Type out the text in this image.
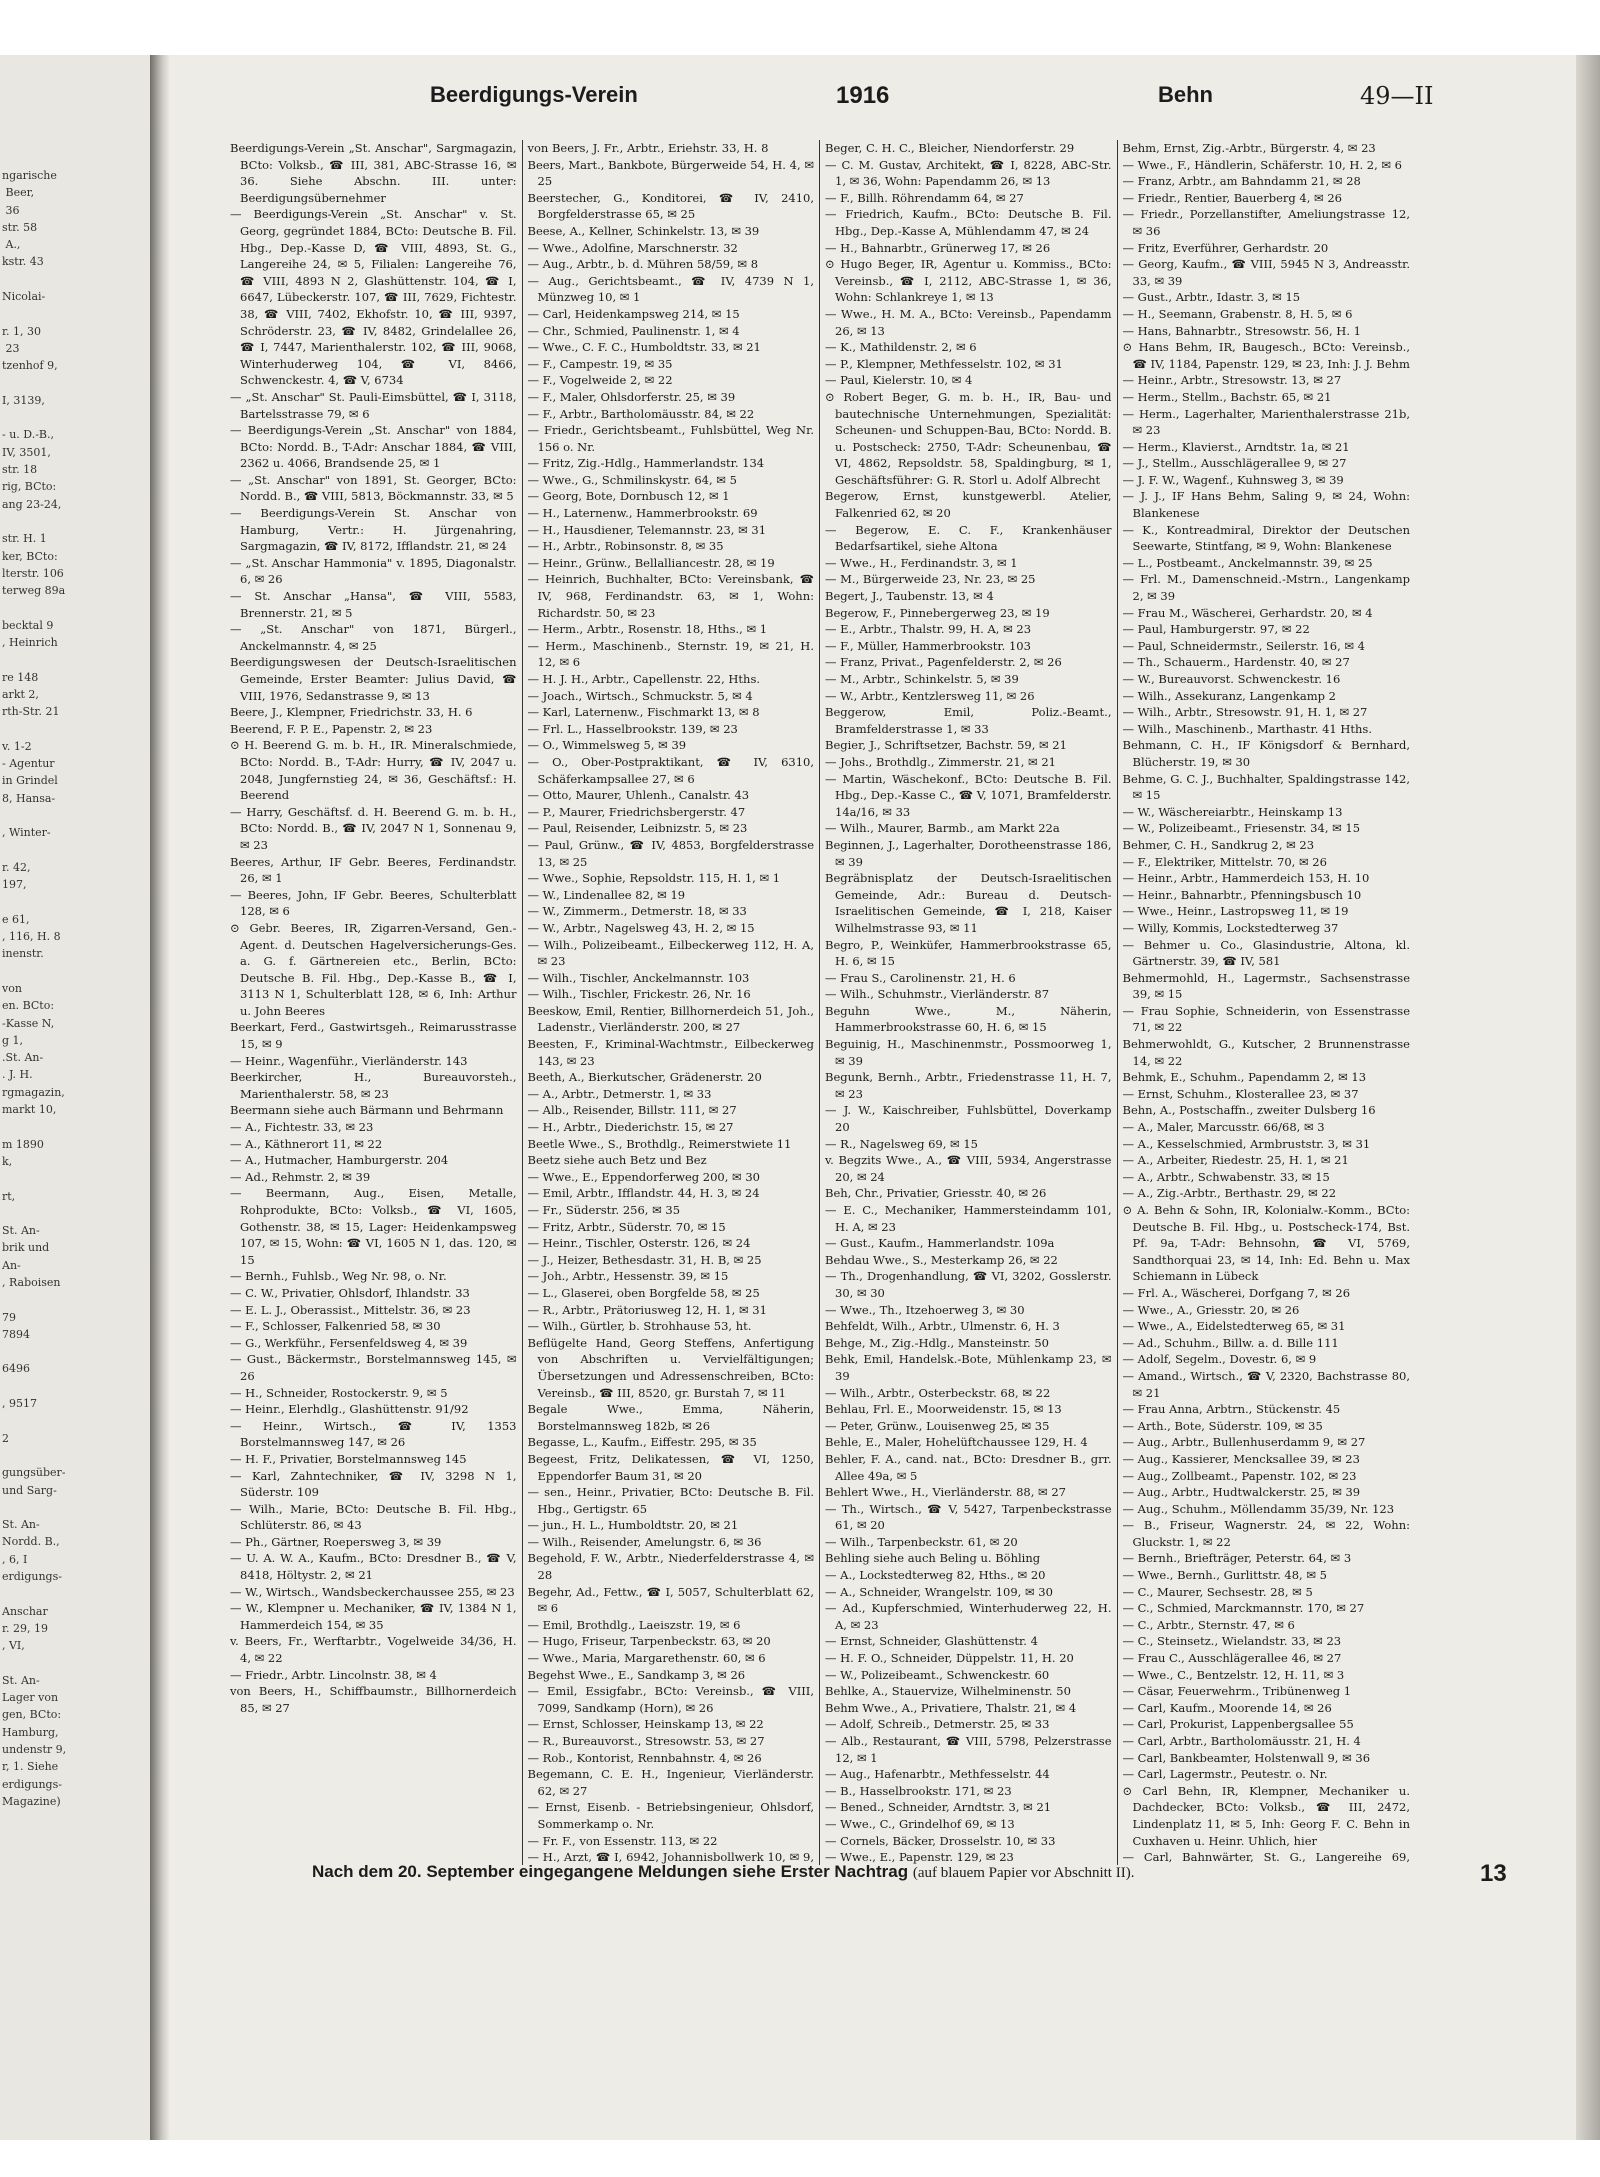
ngarische
Beer,
36
str. 58
A.,
kstr. 43

Nicolai-

r. 1, 30
23
tzenhof 9,

I, 3139,

- u. D.-B.,
IV, 3501,
str. 18
rig, BCto:
ang 23-24,

str. H. 1
ker, BCto:
lterstr. 106
terweg 89a

becktal 9
, Heinrich

re 148
arkt 2,
rth-Str. 21

v. 1-2
- Agentur
in Grindel
8, Hansa-

, Winter-

r. 42,
197,

e 61,
, 116, H. 8
inenstr.

von
en. BCto:
-Kasse N,
g 1,
.St. An-
. J. H.
rgmagazin,
markt 10,

m 1890
k,

rt,

St. An-
brik und
An-
, Raboisen

79
7894

6496

, 9517

2

gungsüber-
und Sarg-

St. An-
Nordd. B.,
, 6, I
erdigungs-

Anschar
r. 29, 19
, VI,

St. An-
Lager von
gen, BCto:
Hamburg,
undenstr 9,
r, 1. Siehe
erdigungs-
Magazine)
Beerdigungs-Verein	1916	Behn	49—II

Beerdigungs-Verein „St. Anschar", Sargmagazin, BCto: Volksb., ☎ III, 381, ABC-Strasse 16, ✉ 36. Siehe Abschn. III. unter: Beerdigungsübernehmer

— Beerdigungs-Verein „St. Anschar" v. St. Georg, gegründet 1884, BCto: Deutsche B. Fil. Hbg., Dep.-Kasse D, ☎ VIII, 4893, St. G., Langereihe 24, ✉ 5, Filialen: Langereihe 76, ☎ VIII, 4893 N 2, Glashüttenstr. 104, ☎ I, 6647, Lübeckerstr. 107, ☎ III, 7629, Fichtestr. 38, ☎ VIII, 7402, Ekhofstr. 10, ☎ III, 9397, Schröderstr. 23, ☎ IV, 8482, Grindelallee 26, ☎ I, 7447, Marienthalerstr. 102, ☎ III, 9068, Winterhuderweg 104, ☎ VI, 8466, Schwenckestr. 4, ☎ V, 6734

— „St. Anschar" St. Pauli-Eimsbüttel, ☎ I, 3118, Bartelsstrasse 79, ✉ 6

— Beerdigungs-Verein „St. Anschar" von 1884, BCto: Nordd. B., T-Adr: Anschar 1884, ☎ VIII, 2362 u. 4066, Brandsende 25, ✉ 1

— „St. Anschar" von 1891, St. Georger, BCto: Nordd. B., ☎ VIII, 5813, Böckmannstr. 33, ✉ 5

— Beerdigungs-Verein St. Anschar von Hamburg, Vertr.: H. Jürgenahring, Sargmagazin, ☎ IV, 8172, Ifflandstr. 21, ✉ 24

— „St. Anschar Hammonia" v. 1895, Diagonalstr. 6, ✉ 26

— St. Anschar „Hansa", ☎ VIII, 5583, Brennerstr. 21, ✉ 5

— „St. Anschar" von 1871, Bürgerl., Anckelmannstr. 4, ✉ 25

Beerdigungswesen der Deutsch-Israelitischen Gemeinde, Erster Beamter: Julius David, ☎ VIII, 1976, Sedanstrasse 9, ✉ 13

Beere, J., Klempner, Friedrichstr. 33, H. 6

Beerend, F. P. E., Papenstr. 2, ✉ 23

⊙ H. Beerend G. m. b. H., IR. Mineralschmiede, BCto: Nordd. B., T-Adr: Hurry, ☎ IV, 2047 u. 2048, Jungfernstieg 24, ✉ 36, Geschäftsf.: H. Beerend

— Harry, Geschäftsf. d. H. Beerend G. m. b. H., BCto: Nordd. B., ☎ IV, 2047 N 1, Sonnenau 9, ✉ 23

Beeres, Arthur, IF Gebr. Beeres, Ferdinandstr. 26, ✉ 1

— Beeres, John, IF Gebr. Beeres, Schulterblatt 128, ✉ 6

⊙ Gebr. Beeres, IR, Zigarren-Versand, Gen.-Agent. d. Deutschen Hagelversicherungs-Ges. a. G. f. Gärtnereien etc., Berlin, BCto: Deutsche B. Fil. Hbg., Dep.-Kasse B., ☎ I, 3113 N 1, Schulterblatt 128, ✉ 6, Inh: Arthur u. John Beeres

Beerkart, Ferd., Gastwirtsgeh., Reimarusstrasse 15, ✉ 9

— Heinr., Wagenführ., Vierländerstr. 143

Beerkircher, H., Bureauvorsteh., Marienthalerstr. 58, ✉ 23

Beermann siehe auch Bärmann und Behrmann

— A., Fichtestr. 33, ✉ 23

— A., Käthnerort 11, ✉ 22

— A., Hutmacher, Hamburgerstr. 204

— Ad., Rehmstr. 2, ✉ 39

— Beermann, Aug., Eisen, Metalle, Rohprodukte, BCto: Volksb., ☎ VI, 1605, Gothenstr. 38, ✉ 15, Lager: Heidenkampsweg 107, ✉ 15, Wohn: ☎ VI, 1605 N 1, das. 120, ✉ 15

— Bernh., Fuhlsb., Weg Nr. 98, o. Nr.

— C. W., Privatier, Ohlsdorf, Ihlandstr. 33

— E. L. J., Oberassist., Mittelstr. 36, ✉ 23

— F., Schlosser, Falkenried 58, ✉ 30

— G., Werkführ., Fersenfeldsweg 4, ✉ 39

— Gust., Bäckermstr., Borstelmannsweg 145, ✉ 26

— H., Schneider, Rostockerstr. 9, ✉ 5

— Heinr., Elerhdlg., Glashüttenstr. 91/92

— Heinr., Wirtsch., ☎ IV, 1353 Borstelmannsweg 147, ✉ 26

— H. F., Privatier, Borstelmannsweg 145

— Karl, Zahntechniker, ☎ IV, 3298 N 1, Süderstr. 109

— Wilh., Marie, BCto: Deutsche B. Fil. Hbg., Schlüterstr. 86, ✉ 43

— Ph., Gärtner, Roepersweg 3, ✉ 39

— U. A. W. A., Kaufm., BCto: Dresdner B., ☎ V, 8418, Höltystr. 2, ✉ 21

— W., Wirtsch., Wandsbeckerchaussee 255, ✉ 23

— W., Klempner u. Mechaniker, ☎ IV, 1384 N 1, Hammerdeich 154, ✉ 35

v. Beers, Fr., Werftarbtr., Vogelweide 34/36, H. 4, ✉ 22

— Friedr., Arbtr. Lincolnstr. 38, ✉ 4

von Beers, H., Schiffbaumstr., Billhornerdeich 85, ✉ 27

von Beers, J. Fr., Arbtr., Eriehstr. 33, H. 8

Beers, Mart., Bankbote, Bürgerweide 54, H. 4, ✉ 25

Beerstecher, G., Konditorei, ☎ IV, 2410, Borgfelderstrasse 65, ✉ 25

Beese, A., Kellner, Schinkelstr. 13, ✉ 39

— Wwe., Adolfine, Marschnerstr. 32

— Aug., Arbtr., b. d. Mühren 58/59, ✉ 8

— Aug., Gerichtsbeamt., ☎ IV, 4739 N 1, Münzweg 10, ✉ 1

— Carl, Heidenkampsweg 214, ✉ 15

— Chr., Schmied, Paulinenstr. 1, ✉ 4

— Wwe., C. F. C., Humboldtstr. 33, ✉ 21

— F., Campestr. 19, ✉ 35

— F., Vogelweide 2, ✉ 22

— F., Maler, Ohlsdorferstr. 25, ✉ 39

— F., Arbtr., Bartholomäusstr. 84, ✉ 22

— Friedr., Gerichtsbeamt., Fuhlsbüttel, Weg Nr. 156 o. Nr.

— Fritz, Zig.-Hdlg., Hammerlandstr. 134

— Wwe., G., Schmilinskystr. 64, ✉ 5

— Georg, Bote, Dornbusch 12, ✉ 1

— H., Laternenw., Hammerbrookstr. 69

— H., Hausdiener, Telemannstr. 23, ✉ 31

— H., Arbtr., Robinsonstr. 8, ✉ 35

— Heinr., Grünw., Bellalliancestr. 28, ✉ 19

— Heinrich, Buchhalter, BCto: Vereinsbank, ☎ IV, 968, Ferdinandstr. 63, ✉ 1, Wohn: Richardstr. 50, ✉ 23

— Herm., Arbtr., Rosenstr. 18, Hths., ✉ 1

— Herm., Maschinenb., Sternstr. 19, ✉ 21, H. 12, ✉ 6

— H. J. H., Arbtr., Capellenstr. 22, Hths.

— Joach., Wirtsch., Schmuckstr. 5, ✉ 4

— Karl, Laternenw., Fischmarkt 13, ✉ 8

— Frl. L., Hasselbrookstr. 139, ✉ 23

— O., Wimmelsweg 5, ✉ 39

— O., Ober-Postpraktikant, ☎ IV, 6310, Schäferkampsallee 27, ✉ 6

— Otto, Maurer, Uhlenh., Canalstr. 43

— P., Maurer, Friedrichsbergerstr. 47

— Paul, Reisender, Leibnizstr. 5, ✉ 23

— Paul, Grünw., ☎ IV, 4853, Borgfelderstrasse 13, ✉ 25

— Wwe., Sophie, Repsoldstr. 115, H. 1, ✉ 1

— W., Lindenallee 82, ✉ 19

— W., Zimmerm., Detmerstr. 18, ✉ 33

— W., Arbtr., Nagelsweg 43, H. 2, ✉ 15

— Wilh., Polizeibeamt., Eilbeckerweg 112, H. A, ✉ 23

— Wilh., Tischler, Anckelmannstr. 103

— Wilh., Tischler, Frickestr. 26, Nr. 16

Beeskow, Emil, Rentier, Billhornerdeich 51, Joh., Ladenstr., Vierländerstr. 200, ✉ 27

Beesten, F., Kriminal-Wachtmstr., Eilbeckerweg 143, ✉ 23

Beeth, A., Bierkutscher, Grädenerstr. 20

— A., Arbtr., Detmerstr. 1, ✉ 33

— Alb., Reisender, Billstr. 111, ✉ 27

— H., Arbtr., Diederichstr. 15, ✉ 27

Beetle Wwe., S., Brothdlg., Reimerstwiete 11

Beetz siehe auch Betz und Bez

— Wwe., E., Eppendorferweg 200, ✉ 30

— Emil, Arbtr., Ifflandstr. 44, H. 3, ✉ 24

— Fr., Süderstr. 256, ✉ 35

— Fritz, Arbtr., Süderstr. 70, ✉ 15

— Heinr., Tischler, Osterstr. 126, ✉ 24

— J., Heizer, Bethesdastr. 31, H. B, ✉ 25

— Joh., Arbtr., Hessenstr. 39, ✉ 15

— L., Glaserei, oben Borgfelde 58, ✉ 25

— R., Arbtr., Prätoriusweg 12, H. 1, ✉ 31

— Wilh., Gürtler, b. Strohhause 53, ht.

Beflügelte Hand, Georg Steffens, Anfertigung von Abschriften u. Vervielfältigungen; Übersetzungen und Adressenschreiben, BCto: Vereinsb., ☎ III, 8520, gr. Burstah 7, ✉ 11

Begale Wwe., Emma, Näherin, Borstelmannsweg 182b, ✉ 26

Begasse, L., Kaufm., Eiffestr. 295, ✉ 35

Begeest, Fritz, Delikatessen, ☎ VI, 1250, Eppendorfer Baum 31, ✉ 20

— sen., Heinr., Privatier, BCto: Deutsche B. Fil. Hbg., Gertigstr. 65

— jun., H. L., Humboldtstr. 20, ✉ 21

— Wilh., Reisender, Amelungstr. 6, ✉ 36

Begehold, F. W., Arbtr., Niederfelderstrasse 4, ✉ 28

Begehr, Ad., Fettw., ☎ I, 5057, Schulterblatt 62, ✉ 6

— Emil, Brothdlg., Laeiszstr. 19, ✉ 6

— Hugo, Friseur, Tarpenbeckstr. 63, ✉ 20

— Wwe., Maria, Margarethenstr. 60, ✉ 6

Begehst Wwe., E., Sandkamp 3, ✉ 26

— Emil, Essigfabr., BCto: Vereinsb., ☎ VIII, 7099, Sandkamp (Horn), ✉ 26

— Ernst, Schlosser, Heinskamp 13, ✉ 22

— R., Bureauvorst., Stresowstr. 53, ✉ 27

— Rob., Kontorist, Rennbahnstr. 4, ✉ 26

Begemann, C. E. H., Ingenieur, Vierländerstr. 62, ✉ 27

— Ernst, Eisenb. - Betriebsingenieur, Ohlsdorf, Sommerkamp o. Nr.

— Fr. F., von Essenstr. 113, ✉ 22

— H., Arzt, ☎ I, 6942, Johannisbollwerk 10, ✉ 9,

Beger, C. H. C., Bleicher, Niendorferstr. 29

— C. M. Gustav, Architekt, ☎ I, 8228, ABC-Str. 1, ✉ 36, Wohn: Papendamm 26, ✉ 13

— F., Billh. Röhrendamm 64, ✉ 27

— Friedrich, Kaufm., BCto: Deutsche B. Fil. Hbg., Dep.-Kasse A, Mühlendamm 47, ✉ 24

— H., Bahnarbtr., Grünerweg 17, ✉ 26

⊙ Hugo Beger, IR, Agentur u. Kommiss., BCto: Vereinsb., ☎ I, 2112, ABC-Strasse 1, ✉ 36, Wohn: Schlankreye 1, ✉ 13

— Wwe., H. M. A., BCto: Vereinsb., Papendamm 26, ✉ 13

— K., Mathildenstr. 2, ✉ 6

— P., Klempner, Methfesselstr. 102, ✉ 31

— Paul, Kielerstr. 10, ✉ 4

⊙ Robert Beger, G. m. b. H., IR, Bau- und bautechnische Unternehmungen, Spezialität: Scheunen- und Schuppen-Bau, BCto: Nordd. B. u. Postscheck: 2750, T-Adr: Scheunenbau, ☎ VI, 4862, Repsoldstr. 58, Spaldingburg, ✉ 1, Geschäftsführer: G. R. Storl u. Adolf Albrecht

Begerow, Ernst, kunstgewerbl. Atelier, Falkenried 62, ✉ 20

— Begerow, E. C. F., Krankenhäuser Bedarfsartikel, siehe Altona

— Wwe., H., Ferdinandstr. 3, ✉ 1

— M., Bürgerweide 23, Nr. 23, ✉ 25

Begert, J., Taubenstr. 13, ✉ 4

Begerow, F., Pinnebergerweg 23, ✉ 19

— E., Arbtr., Thalstr. 99, H. A, ✉ 23

— F., Müller, Hammerbrookstr. 103

— Franz, Privat., Pagenfelderstr. 2, ✉ 26

— M., Arbtr., Schinkelstr. 5, ✉ 39

— W., Arbtr., Kentzlersweg 11, ✉ 26

Beggerow, Emil, Poliz.-Beamt., Bramfelderstrasse 1, ✉ 33

Begier, J., Schriftsetzer, Bachstr. 59, ✉ 21

— Johs., Brothdlg., Zimmerstr. 21, ✉ 21

— Martin, Wäschekonf., BCto: Deutsche B. Fil. Hbg., Dep.-Kasse C., ☎ V, 1071, Bramfelderstr. 14a/16, ✉ 33

— Wilh., Maurer, Barmb., am Markt 22a

Beginnen, J., Lagerhalter, Dorotheenstrasse 186, ✉ 39

Begräbnisplatz der Deutsch-Israelitischen Gemeinde, Adr.: Bureau d. Deutsch-Israelitischen Gemeinde, ☎ I, 218, Kaiser Wilhelmstrasse 93, ✉ 11

Begro, P., Weinküfer, Hammerbrookstrasse 65, H. 6, ✉ 15

— Frau S., Carolinenstr. 21, H. 6

— Wilh., Schuhmstr., Vierländerstr. 87

Beguhn Wwe., M., Näherin, Hammerbrookstrasse 60, H. 6, ✉ 15

Beguinig, H., Maschinenmstr., Possmoorweg 1, ✉ 39

Begunk, Bernh., Arbtr., Friedenstrasse 11, H. 7, ✉ 23

— J. W., Kaischreiber, Fuhlsbüttel, Doverkamp 20

— R., Nagelsweg 69, ✉ 15

v. Begzits Wwe., A., ☎ VIII, 5934, Angerstrasse 20, ✉ 24

Beh, Chr., Privatier, Griesstr. 40, ✉ 26

— E. C., Mechaniker, Hammersteindamm 101, H. A, ✉ 23

— Gust., Kaufm., Hammerlandstr. 109a

Behdau Wwe., S., Mesterkamp 26, ✉ 22

— Th., Drogenhandlung, ☎ VI, 3202, Gosslerstr. 30, ✉ 30

— Wwe., Th., Itzehoerweg 3, ✉ 30

Behfeldt, Wilh., Arbtr., Ulmenstr. 6, H. 3

Behge, M., Zig.-Hdlg., Mansteinstr. 50

Behk, Emil, Handelsk.-Bote, Mühlenkamp 23, ✉ 39

— Wilh., Arbtr., Osterbeckstr. 68, ✉ 22

Behlau, Frl. E., Moorweidenstr. 15, ✉ 13

— Peter, Grünw., Louisenweg 25, ✉ 35

Behle, E., Maler, Hohelüftchaussee 129, H. 4

Behler, F. A., cand. nat., BCto: Dresdner B., grr. Allee 49a, ✉ 5

Behlert Wwe., H., Vierländerstr. 88, ✉ 27

— Th., Wirtsch., ☎ V, 5427, Tarpenbeckstrasse 61, ✉ 20

— Wilh., Tarpenbeckstr. 61, ✉ 20

Behling siehe auch Beling u. Böhling

— A., Lockstedterweg 82, Hths., ✉ 20

— A., Schneider, Wrangelstr. 109, ✉ 30

— Ad., Kupferschmied, Winterhuderweg 22, H. A, ✉ 23

— Ernst, Schneider, Glashüttenstr. 4

— H. F. O., Schneider, Düppelstr. 11, H. 20

— W., Polizeibeamt., Schwenckestr. 60

Behlke, A., Stauervize, Wilhelminenstr. 50

Behm Wwe., A., Privatiere, Thalstr. 21, ✉ 4

— Adolf, Schreib., Detmerstr. 25, ✉ 33

— Alb., Restaurant, ☎ VIII, 5798, Pelzerstrasse 12, ✉ 1

— Aug., Hafenarbtr., Methfesselstr. 44

— B., Hasselbrookstr. 171, ✉ 23

— Bened., Schneider, Arndtstr. 3, ✉ 21

— Wwe., C., Grindelhof 69, ✉ 13

— Cornels, Bäcker, Drosselstr. 10, ✉ 33

— Wwe., E., Papenstr. 129, ✉ 23

Behm, Ernst, Zig.-Arbtr., Bürgerstr. 4, ✉ 23

— Wwe., F., Händlerin, Schäferstr. 10, H. 2, ✉ 6

— Franz, Arbtr., am Bahndamm 21, ✉ 28

— Friedr., Rentier, Bauerberg 4, ✉ 26

— Friedr., Porzellanstifter, Ameliungstrasse 12, ✉ 36

— Fritz, Everführer, Gerhardstr. 20

— Georg, Kaufm., ☎ VIII, 5945 N 3, Andreasstr. 33, ✉ 39

— Gust., Arbtr., Idastr. 3, ✉ 15

— H., Seemann, Grabenstr. 8, H. 5, ✉ 6

— Hans, Bahnarbtr., Stresowstr. 56, H. 1

⊙ Hans Behm, IR, Baugesch., BCto: Vereinsb., ☎ IV, 1184, Papenstr. 129, ✉ 23, Inh: J. J. Behm

— Heinr., Arbtr., Stresowstr. 13, ✉ 27

— Herm., Stellm., Bachstr. 65, ✉ 21

— Herm., Lagerhalter, Marienthalerstrasse 21b, ✉ 23

— Herm., Klavierst., Arndtstr. 1a, ✉ 21

— J., Stellm., Ausschlägerallee 9, ✉ 27

— J. F. W., Wagenf., Kuhnsweg 3, ✉ 39

— J. J., IF Hans Behm, Saling 9, ✉ 24, Wohn: Blankenese

— K., Kontreadmiral, Direktor der Deutschen Seewarte, Stintfang, ✉ 9, Wohn: Blankenese

— L., Postbeamt., Anckelmannstr. 39, ✉ 25

— Frl. M., Damenschneid.-Mstrn., Langenkamp 2, ✉ 39

— Frau M., Wäscherei, Gerhardstr. 20, ✉ 4

— Paul, Hamburgerstr. 97, ✉ 22

— Paul, Schneidermstr., Seilerstr. 16, ✉ 4

— Th., Schauerm., Hardenstr. 40, ✉ 27

— W., Bureauvorst. Schwenckestr. 16

— Wilh., Assekuranz, Langenkamp 2

— Wilh., Arbtr., Stresowstr. 91, H. 1, ✉ 27

— Wilh., Maschinenb., Marthastr. 41 Hths.

Behmann, C. H., IF Königsdorf & Bernhard, Blücherstr. 19, ✉ 30

Behme, G. C. J., Buchhalter, Spaldingstrasse 142, ✉ 15

— W., Wäschereiarbtr., Heinskamp 13

— W., Polizeibeamt., Friesenstr. 34, ✉ 15

Behmer, C. H., Sandkrug 2, ✉ 23

— F., Elektriker, Mittelstr. 70, ✉ 26

— Heinr., Arbtr., Hammerdeich 153, H. 10

— Heinr., Bahnarbtr., Pfenningsbusch 10

— Wwe., Heinr., Lastropsweg 11, ✉ 19

— Willy, Kommis, Lockstedterweg 37

— Behmer u. Co., Glasindustrie, Altona, kl. Gärtnerstr. 39, ☎ IV, 581

Behmermohld, H., Lagermstr., Sachsenstrasse 39, ✉ 15

— Frau Sophie, Schneiderin, von Essenstrasse 71, ✉ 22

Behmerwohldt, G., Kutscher, 2 Brunnenstrasse 14, ✉ 22

Behmk, E., Schuhm., Papendamm 2, ✉ 13

— Ernst, Schuhm., Klosterallee 23, ✉ 37

Behn, A., Postschaffn., zweiter Dulsberg 16

— A., Maler, Marcusstr. 66/68, ✉ 3

— A., Kesselschmied, Armbruststr. 3, ✉ 31

— A., Arbeiter, Riedestr. 25, H. 1, ✉ 21

— A., Arbtr., Schwabenstr. 33, ✉ 15

— A., Zig.-Arbtr., Berthastr. 29, ✉ 22

⊙ A. Behn & Sohn, IR, Kolonialw.-Komm., BCto: Deutsche B. Fil. Hbg., u. Postscheck-174, Bst. Pf. 9a, T-Adr: Behnsohn, ☎ VI, 5769, Sandthorquai 23, ✉ 14, Inh: Ed. Behn u. Max Schiemann in Lübeck

— Frl. A., Wäscherei, Dorfgang 7, ✉ 26

— Wwe., A., Griesstr. 20, ✉ 26

— Wwe., A., Eidelstedterweg 65, ✉ 31

— Ad., Schuhm., Billw. a. d. Bille 111

— Adolf, Segelm., Dovestr. 6, ✉ 9

— Amand., Wirtsch., ☎ V, 2320, Bachstrasse 80, ✉ 21

— Frau Anna, Arbtrn., Stückenstr. 45

— Arth., Bote, Süderstr. 109, ✉ 35

— Aug., Arbtr., Bullenhuserdamm 9, ✉ 27

— Aug., Kassierer, Mencksallee 39, ✉ 23

— Aug., Zollbeamt., Papenstr. 102, ✉ 23

— Aug., Arbtr., Hudtwalckerstr. 25, ✉ 39

— Aug., Schuhm., Möllendamm 35/39, Nr. 123

— B., Friseur, Wagnerstr. 24, ✉ 22, Wohn: Gluckstr. 1, ✉ 22

— Bernh., Briefträger, Peterstr. 64, ✉ 3

— Wwe., Bernh., Gurlittstr. 48, ✉ 5

— C., Maurer, Sechsestr. 28, ✉ 5

— C., Schmied, Marckmannstr. 170, ✉ 27

— C., Arbtr., Sternstr. 47, ✉ 6

— C., Steinsetz., Wielandstr. 33, ✉ 23

— Frau C., Ausschlägerallee 46, ✉ 27

— Wwe., C., Bentzelstr. 12, H. 11, ✉ 3

— Cäsar, Feuerwehrm., Tribünenweg 1

— Carl, Kaufm., Moorende 14, ✉ 26

— Carl, Prokurist, Lappenbergsallee 55

— Carl, Arbtr., Bartholomäusstr. 21, H. 4

— Carl, Bankbeamter, Holstenwall 9, ✉ 36

— Carl, Lagermstr., Peutestr. o. Nr.

⊙ Carl Behn, IR, Klempner, Mechaniker u. Dachdecker, BCto: Volksb., ☎ III, 2472, Lindenplatz 11, ✉ 5, Inh: Georg F. C. Behn in Cuxhaven u. Heinr. Uhlich, hier

— Carl, Bahnwärter, St. G., Langereihe 69,

Nach dem 20. September eingegangene Meldungen siehe Erster Nachtrag (auf blauem Papier vor Abschnitt II).	13
